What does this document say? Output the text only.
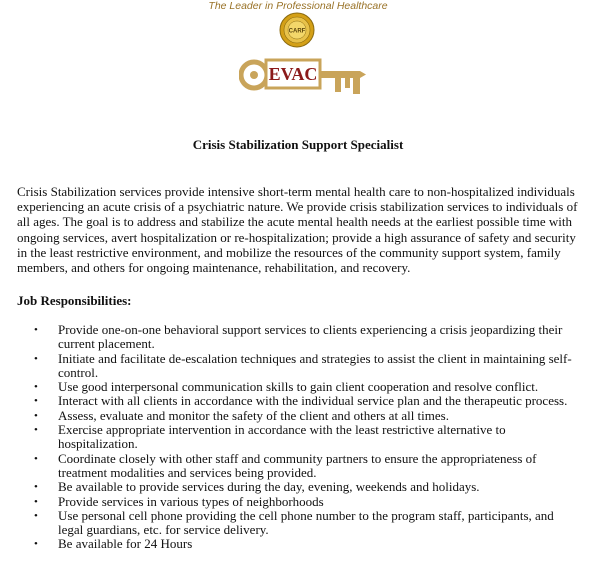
The Leader in Professional Healthcare
CARF
EVAC
Crisis Stabilization Support Specialist

Crisis Stabilization services provide intensive short-term mental health care to non-hospitalized individuals experiencing an acute crisis of a psychiatric nature. We provide crisis stabilization services to individuals of all ages. The goal is to address and stabilize the acute mental health needs at the earliest possible time with ongoing services, avert hospitalization or re-hospitalization; provide a high assurance of safety and security in the least restrictive environment, and mobilize the resources of the community support system, family members, and others for ongoing maintenance, rehabilitation, and recovery.

Job Responsibilities:

• Provide one-on-one behavioral support services to clients experiencing a crisis jeopardizing their current placement.
• Initiate and facilitate de-escalation techniques and strategies to assist the client in maintaining self-control.
• Use good interpersonal communication skills to gain client cooperation and resolve conflict.
• Interact with all clients in accordance with the individual service plan and the therapeutic process.
• Assess, evaluate and monitor the safety of the client and others at all times.
• Exercise appropriate intervention in accordance with the least restrictive alternative to hospitalization.
• Coordinate closely with other staff and community partners to ensure the appropriateness of treatment modalities and services being provided.
• Be available to provide services during the day, evening, weekends and holidays.
• Provide services in various types of neighborhoods
• Use personal cell phone providing the cell phone number to the program staff, participants, and legal guardians, etc. for service delivery.
• Be available for 24 Hours
